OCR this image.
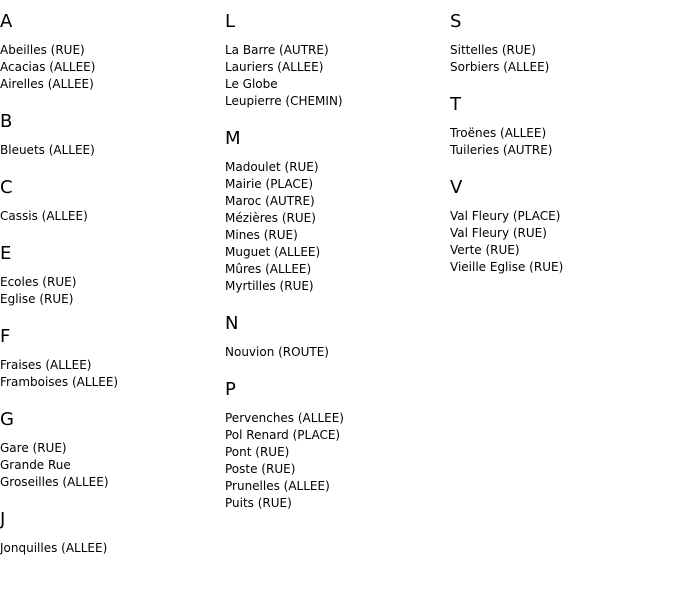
A
Abeilles (RUE)
Acacias (ALLEE)
Airelles (ALLEE)
B
Bleuets (ALLEE)
C
Cassis (ALLEE)
E
Ecoles (RUE)
Eglise (RUE)
F
Fraises (ALLEE)
Framboises (ALLEE)
G
Gare (RUE)
Grande Rue
Groseilles (ALLEE)
J
Jonquilles (ALLEE)
L
La Barre (AUTRE)
Lauriers (ALLEE)
Le Globe
Leupierre (CHEMIN)
M
Madoulet (RUE)
Mairie (PLACE)
Maroc (AUTRE)
Mézières (RUE)
Mines (RUE)
Muguet (ALLEE)
Mûres (ALLEE)
Myrtilles (RUE)
N
Nouvion (ROUTE)
P
Pervenches (ALLEE)
Pol Renard (PLACE)
Pont (RUE)
Poste (RUE)
Prunelles (ALLEE)
Puits (RUE)
S
Sittelles (RUE)
Sorbiers (ALLEE)
T
Troënes (ALLEE)
Tuileries (AUTRE)
V
Val Fleury (PLACE)
Val Fleury (RUE)
Verte (RUE)
Vieille Eglise (RUE)
